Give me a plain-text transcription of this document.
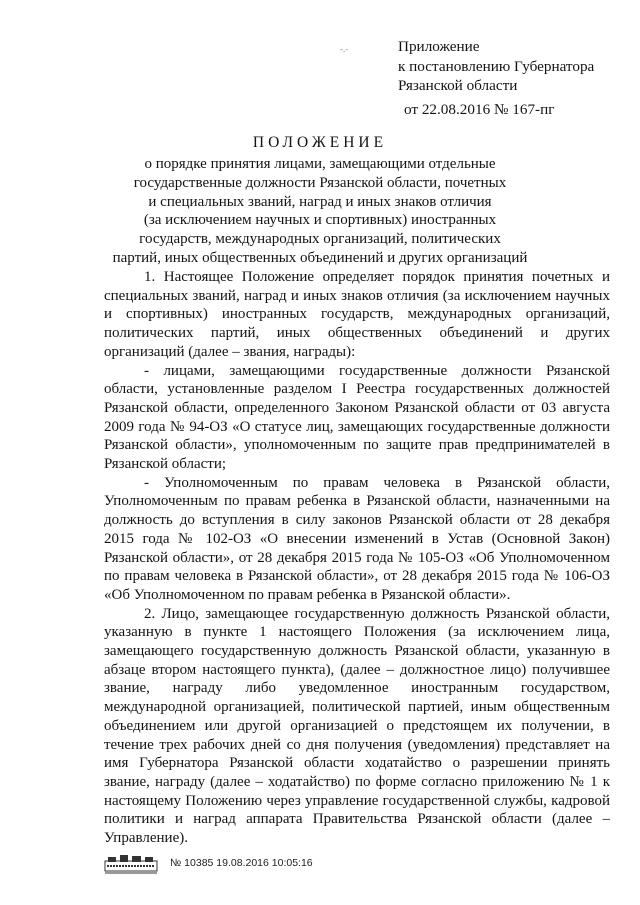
-.-	Приложение
к постановлению Губернатора
Рязанской области
от 22.08.2016 № 167-пг
ПОЛОЖЕНИЕ
о порядке принятия лицами, замещающими отдельные
государственные должности Рязанской области, почетных
и специальных званий, наград и иных знаков отличия
(за исключением научных и спортивных) иностранных
государств, международных организаций, политических
партий, иных общественных объединений и других организаций

1. Настоящее Положение определяет порядок принятия почетных и специальных званий, наград и иных знаков отличия (за исключением научных и спортивных) иностранных государств, международных организаций, политических партий, иных общественных объединений и других организаций (далее – звания, награды):

- лицами, замещающими государственные должности Рязанской области, установленные разделом I Реестра государственных должностей Рязанской области, определенного Законом Рязанской области от 03 августа 2009 года № 94-ОЗ «О статусе лиц, замещающих государственные должности Рязанской области», уполномоченным по защите прав предпринимателей в Рязанской области;

- Уполномоченным по правам человека в Рязанской области, Уполномоченным по правам ребенка в Рязанской области, назначенными на должность до вступления в силу законов Рязанской области от 28 декабря 2015 года № 102-ОЗ «О внесении изменений в Устав (Основной Закон) Рязанской области», от 28 декабря 2015 года № 105-ОЗ «Об Уполномоченном по правам человека в Рязанской области», от 28 декабря 2015 года № 106-ОЗ «Об Уполномоченном по правам ребенка в Рязанской области».

2. Лицо, замещающее государственную должность Рязанской области, указанную в пункте 1 настоящего Положения (за исключением лица, замещающего государственную должность Рязанской области, указанную в абзаце втором настоящего пункта), (далее – должностное лицо) получившее звание, награду либо уведомленное иностранным государством, международной организацией, политической партией, иным общественным объединением или другой организацией о предстоящем их получении, в течение трех рабочих дней со дня получения (уведомления) представляет на имя Губернатора Рязанской области ходатайство о разрешении принять звание, награду (далее – ходатайство) по форме согласно приложению № 1 к настоящему Положению через управление государственной службы, кадровой политики и наград аппарата Правительства Рязанской области (далее – Управление).

№ 10385 19.08.2016 10:05:16
